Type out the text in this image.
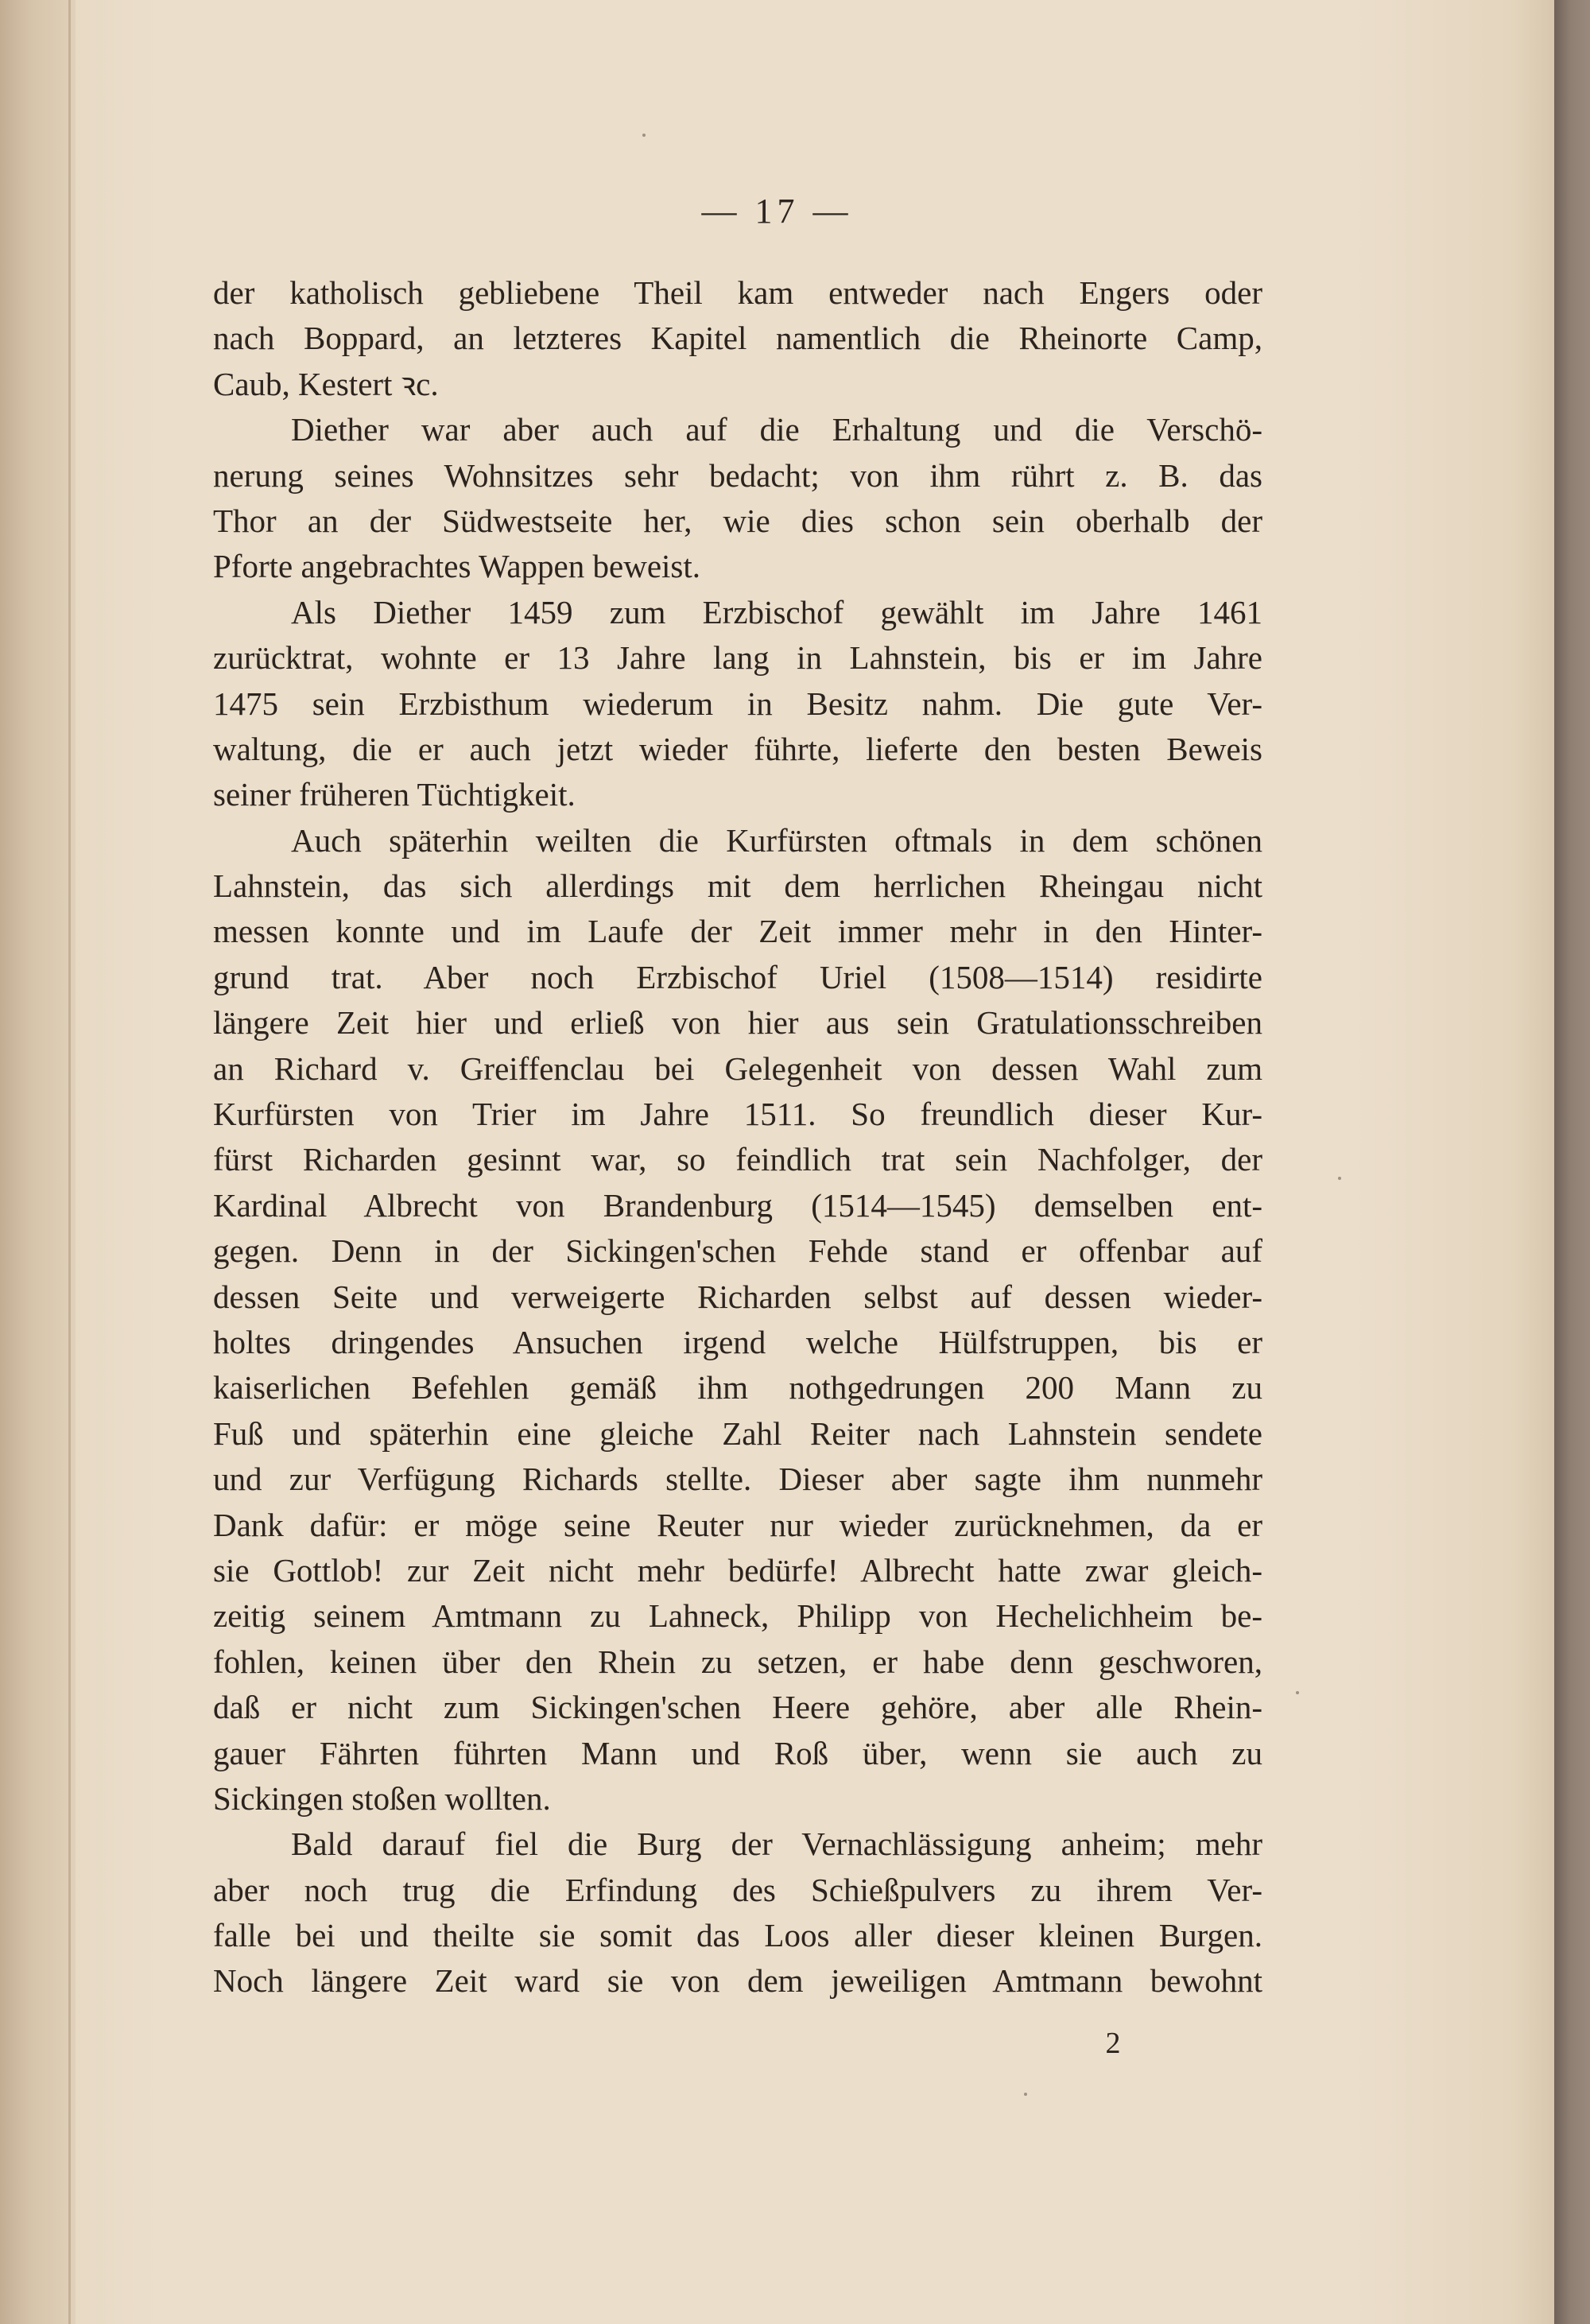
— 17 —
der katholisch gebliebene Theil kam entweder nach Engers oder
nach Boppard, an letzteres Kapitel namentlich die Rheinorte Camp,
Caub, Kestert ꝛc.
Diether war aber auch auf die Erhaltung und die Verschö-
nerung seines Wohnsitzes sehr bedacht; von ihm rührt z. B. das
Thor an der Südwestseite her, wie dies schon sein oberhalb der
Pforte angebrachtes Wappen beweist.
Als Diether 1459 zum Erzbischof gewählt im Jahre 1461
zurücktrat, wohnte er 13 Jahre lang in Lahnstein, bis er im Jahre
1475 sein Erzbisthum wiederum in Besitz nahm. Die gute Ver-
waltung, die er auch jetzt wieder führte, lieferte den besten Beweis
seiner früheren Tüchtigkeit.
Auch späterhin weilten die Kurfürsten oftmals in dem schönen
Lahnstein, das sich allerdings mit dem herrlichen Rheingau nicht
messen konnte und im Laufe der Zeit immer mehr in den Hinter-
grund trat. Aber noch Erzbischof Uriel (1508—1514) residirte
längere Zeit hier und erließ von hier aus sein Gratulationsschreiben
an Richard v. Greiffenclau bei Gelegenheit von dessen Wahl zum
Kurfürsten von Trier im Jahre 1511. So freundlich dieser Kur-
fürst Richarden gesinnt war, so feindlich trat sein Nachfolger, der
Kardinal Albrecht von Brandenburg (1514—1545) demselben ent-
gegen. Denn in der Sickingen'schen Fehde stand er offenbar auf
dessen Seite und verweigerte Richarden selbst auf dessen wieder-
holtes dringendes Ansuchen irgend welche Hülfstruppen, bis er
kaiserlichen Befehlen gemäß ihm nothgedrungen 200 Mann zu
Fuß und späterhin eine gleiche Zahl Reiter nach Lahnstein sendete
und zur Verfügung Richards stellte. Dieser aber sagte ihm nunmehr
Dank dafür: er möge seine Reuter nur wieder zurücknehmen, da er
sie Gottlob! zur Zeit nicht mehr bedürfe! Albrecht hatte zwar gleich-
zeitig seinem Amtmann zu Lahneck, Philipp von Hechelichheim be-
fohlen, keinen über den Rhein zu setzen, er habe denn geschworen,
daß er nicht zum Sickingen'schen Heere gehöre, aber alle Rhein-
gauer Fährten führten Mann und Roß über, wenn sie auch zu
Sickingen stoßen wollten.
Bald darauf fiel die Burg der Vernachlässigung anheim; mehr
aber noch trug die Erfindung des Schießpulvers zu ihrem Ver-
falle bei und theilte sie somit das Loos aller dieser kleinen Burgen.
Noch längere Zeit ward sie von dem jeweiligen Amtmann bewohnt
2
